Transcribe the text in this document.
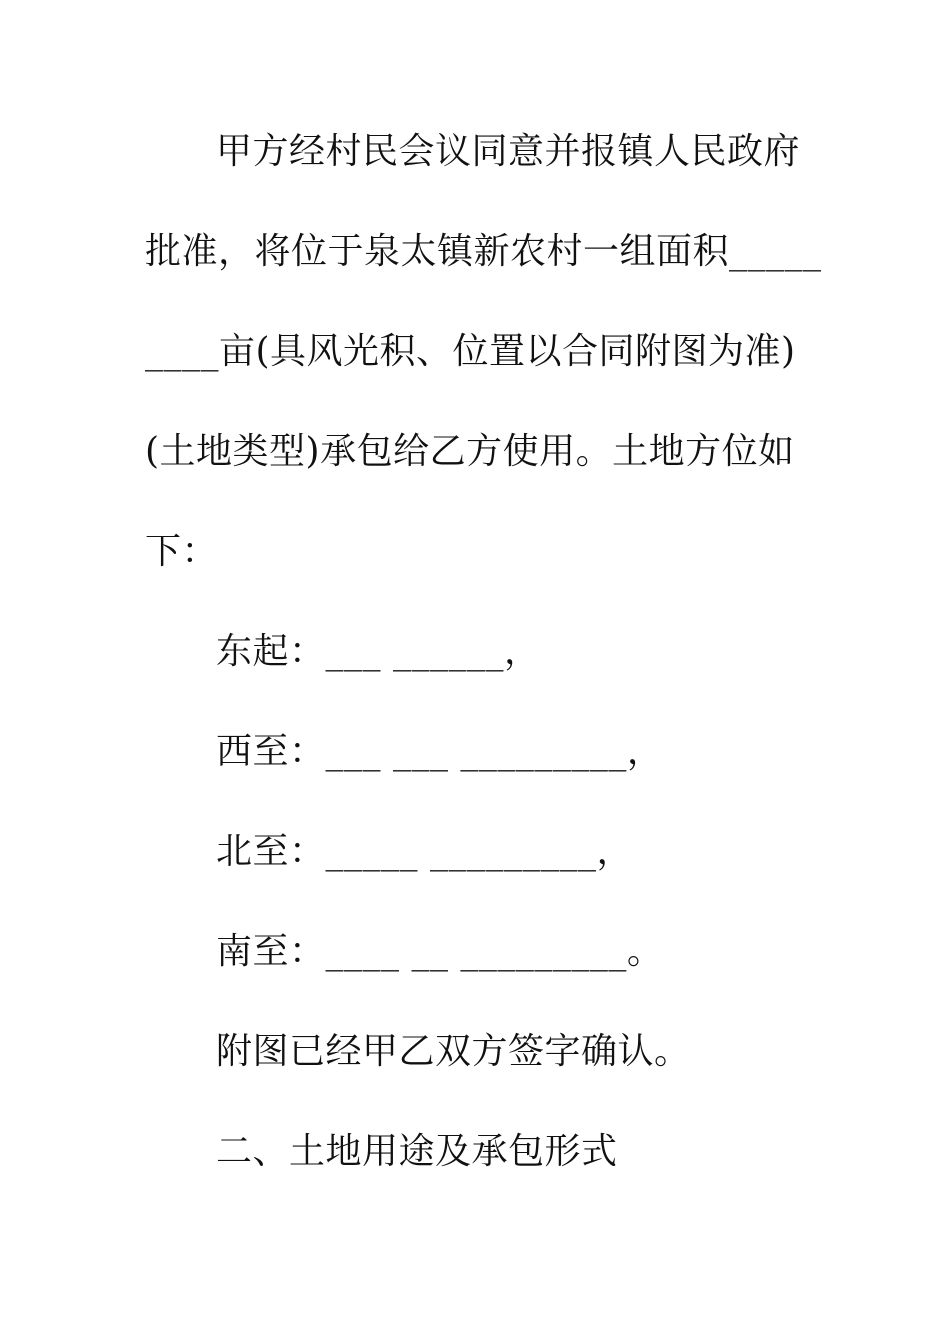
甲方经村民会议同意并报镇人民政府
批准，将位于泉太镇新农村一组面积_____
____亩(具风光积、位置以合同附图为准)
(土地类型)承包给乙方使用。土地方位如
下：
东起：___ ______，
西至：___ ___ _________，
北至：_____ _________，
南至：____ __ _________。
附图已经甲乙双方签字确认。
二、土地用途及承包形式
